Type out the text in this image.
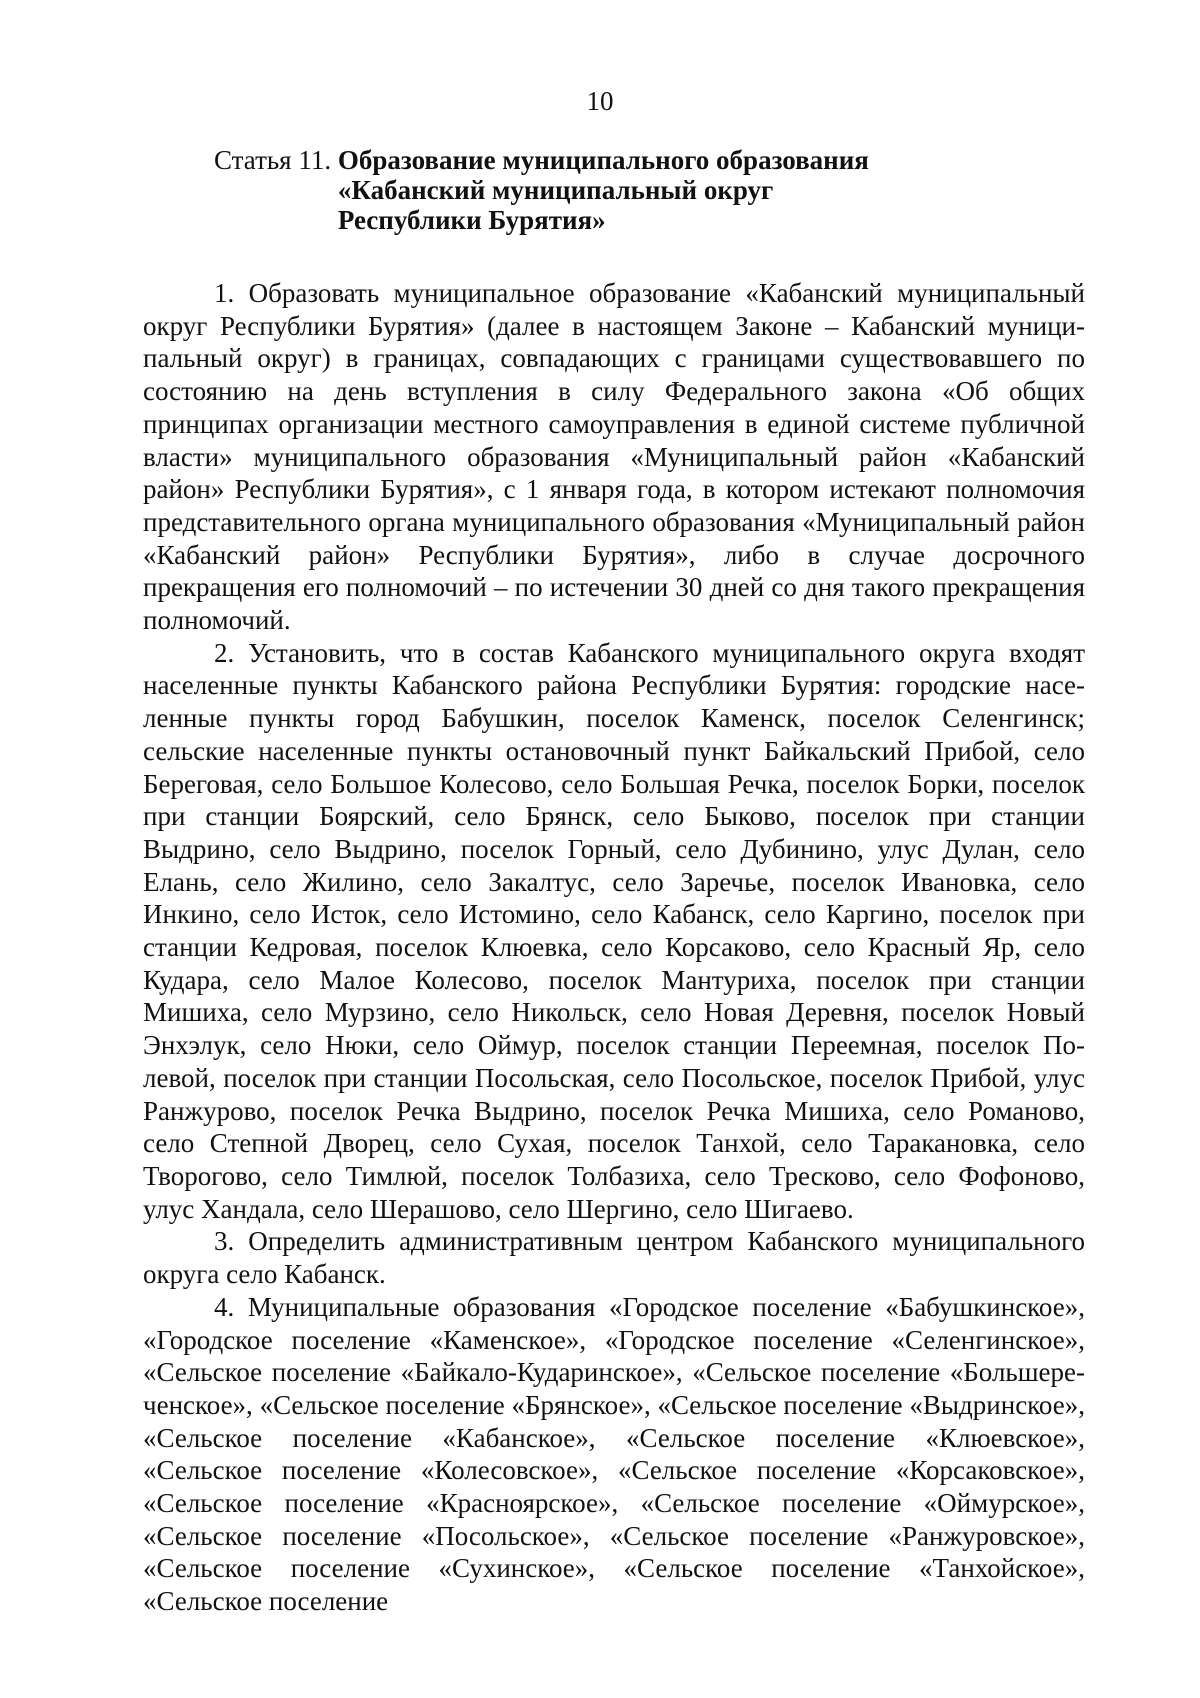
10
Статья 11. Образование муниципального образования
«Кабанский муниципальный округ
Республики Бурятия»

1. Образовать муниципальное образование «Кабанский муниципальный округ Республики Бурятия» (далее в настоящем Законе – Кабанский муниципальный округ) в границах, совпадающих с границами существовавшего по состоянию на день вступления в силу Федерального закона «Об общих принципах организации местного самоуправления в единой системе публичной власти» муниципального образования «Муниципальный район «Кабанский район» Республики Бурятия», с 1 января года, в котором истекают полномочия представительного органа муниципального образования «Муниципальный район «Кабанский район» Республики Бурятия», либо в случае досрочного прекращения его полномочий – по истечении 30 дней со дня такого прекращения полномочий.

2. Установить, что в состав Кабанского муниципального округа входят населенные пункты Кабанского района Республики Бурятия: городские населенные пункты город Бабушкин, поселок Каменск, поселок Селенгинск; сельские населенные пункты остановочный пункт Байкальский Прибой, село Береговая, село Большое Колесово, село Большая Речка, поселок Борки, поселок при станции Боярский, село Брянск, село Быково, поселок при станции Выдрино, село Выдрино, поселок Горный, село Дубинино, улус Дулан, село Елань, село Жилино, село Закалтус, село Заречье, поселок Ивановка, село Инкино, село Исток, село Истомино, село Кабанск, село Каргино, поселок при станции Кедровая, поселок Клюевка, село Корсаково, село Красный Яр, село Кудара, село Малое Колесово, поселок Мантуриха, поселок при станции Мишиха, село Мурзино, село Никольск, село Новая Деревня, поселок Новый Энхэлук, село Нюки, село Оймур, поселок станции Переемная, поселок Полевой, поселок при станции Посольская, село Посольское, поселок Прибой, улус Ранжурово, поселок Речка Выдрино, поселок Речка Мишиха, село Романово, село Степной Дворец, село Сухая, поселок Танхой, село Таракановка, село Творогово, село Тимлюй, поселок Толбазиха, село Тресково, село Фофоново, улус Хандала, село Шерашово, село Шергино, село Шигаево.

3. Определить административным центром Кабанского муниципального округа село Кабанск.

4. Муниципальные образования «Городское поселение «Бабушкинское», «Городское поселение «Каменское», «Городское поселение «Селенгинское», «Сельское поселение «Байкало-Кударинское», «Сельское поселение «Большереченское», «Сельское поселение «Брянское», «Сельское поселение «Выдринское», «Сельское поселение «Кабанское», «Сельское поселение «Клюевское», «Сельское поселение «Колесовское», «Сельское поселение «Корсаковское», «Сельское поселение «Красноярское», «Сельское поселение «Оймурское», «Сельское поселение «Посольское», «Сельское поселение «Ранжуровское», «Сельское поселение «Сухинское», «Сельское поселение «Танхойское», «Сельское поселение
